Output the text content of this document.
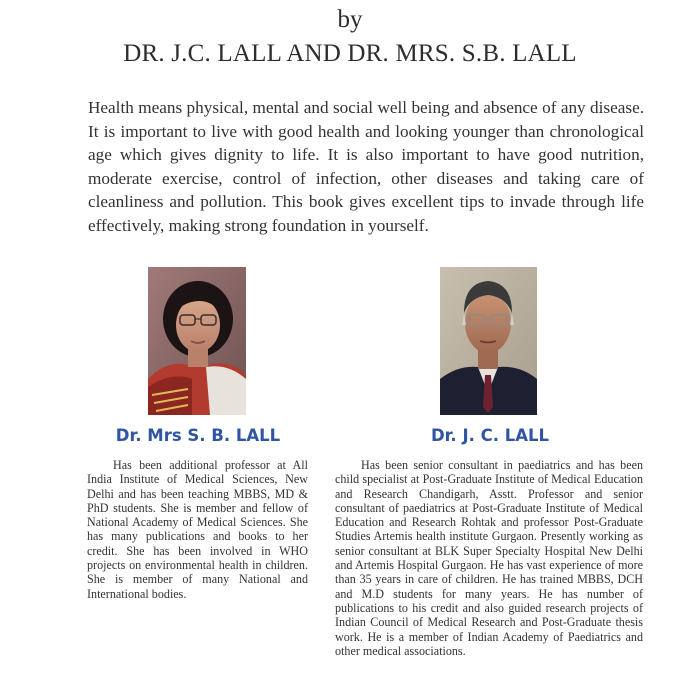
by
DR. J.C. LALL AND DR. MRS. S.B. LALL

Health means physical, mental and social well being and absence of any disease. It is important to live with good health and looking younger than chronological age which gives dignity to life. It is also important to have good nutrition, moderate exercise, control of infection, other diseases and taking care of cleanliness and pollution. This book gives excellent tips to invade through life effectively, making strong foundation in yourself.

Dr. Mrs S. B. LALL	Dr. J. C. LALL

Has been additional professor at All India Institute of Medical Sciences, New Delhi and has been teaching MBBS, MD & PhD students. She is member and fellow of National Academy of Medical Sciences. She has many publications and books to her credit. She has been involved in WHO projects on environmental health in children. She is member of many National and International bodies.

Has been senior consultant in paediatrics and has been child specialist at Post-Graduate Institute of Medical Education and Research Chandigarh, Asstt. Professor and senior consultant of paediatrics at Post-Graduate Institute of Medical Education and Research Rohtak and professor Post-Graduate Studies Artemis health institute Gurgaon. Presently working as senior consultant at BLK Super Specialty Hospital New Delhi and Artemis Hospital Gurgaon. He has vast experience of more than 35 years in care of children. He has trained MBBS, DCH and M.D students for many years. He has number of publications to his credit and also guided research projects of Indian Council of Medical Research and Post-Graduate thesis work. He is a member of Indian Academy of Paediatrics and other medical associations.
